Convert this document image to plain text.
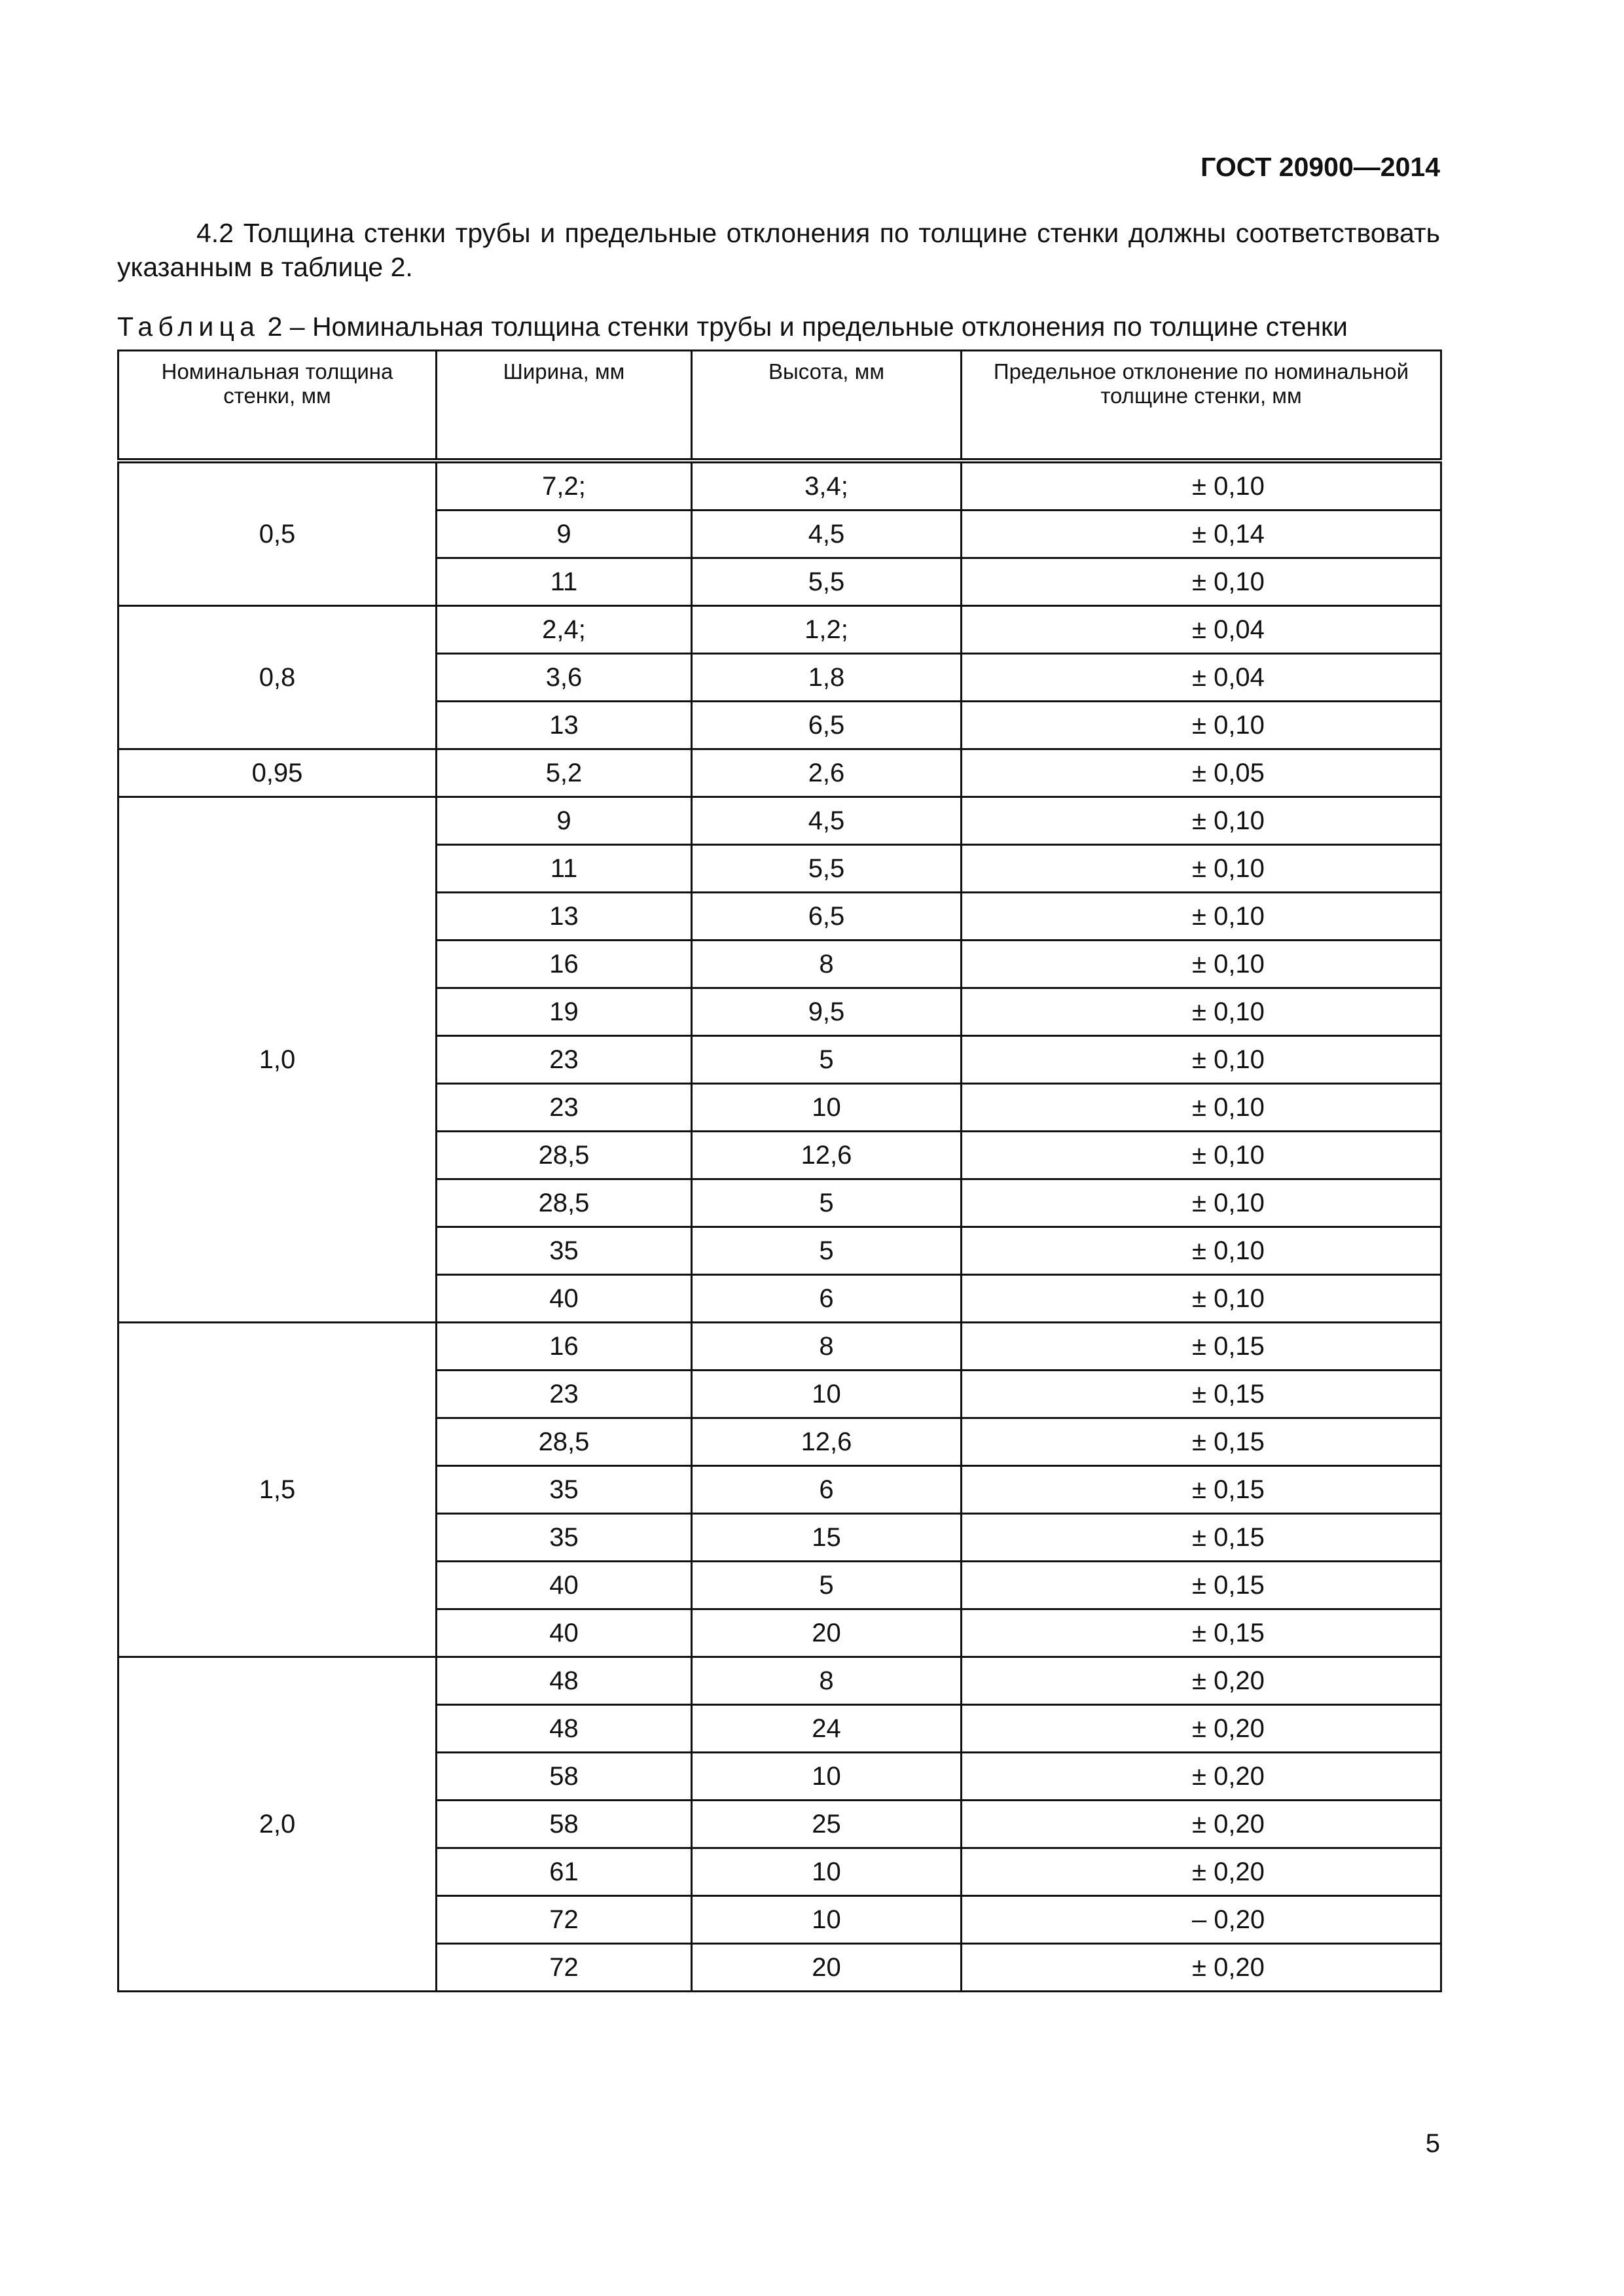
ГОСТ 20900—2014

4.2 Толщина стенки трубы и предельные отклонения по толщине стенки должны соответствовать указанным в таблице 2.

Таблица 2 – Номинальная толщина стенки трубы и предельные отклонения по толщине стенки
Номинальная толщина стенки, мм	Ширина, мм	Высота, мм	Предельное отклонение по номинальной толщине стенки, мм
0,5	7,2;	3,4;	± 0,10
	9	4,5	± 0,14
	11	5,5	± 0,10
0,8	2,4;	1,2;	± 0,04
	3,6	1,8	± 0,04
	13	6,5	± 0,10
0,95	5,2	2,6	± 0,05
1,0	9	4,5	± 0,10
	11	5,5	± 0,10
	13	6,5	± 0,10
	16	8	± 0,10
	19	9,5	± 0,10
	23	5	± 0,10
	23	10	± 0,10
	28,5	12,6	± 0,10
	28,5	5	± 0,10
	35	5	± 0,10
	40	6	± 0,10
1,5	16	8	± 0,15
	23	10	± 0,15
	28,5	12,6	± 0,15
	35	6	± 0,15
	35	15	± 0,15
	40	5	± 0,15
	40	20	± 0,15
2,0	48	8	± 0,20
	48	24	± 0,20
	58	10	± 0,20
	58	25	± 0,20
	61	10	± 0,20
	72	10	– 0,20
	72	20	± 0,20
5
